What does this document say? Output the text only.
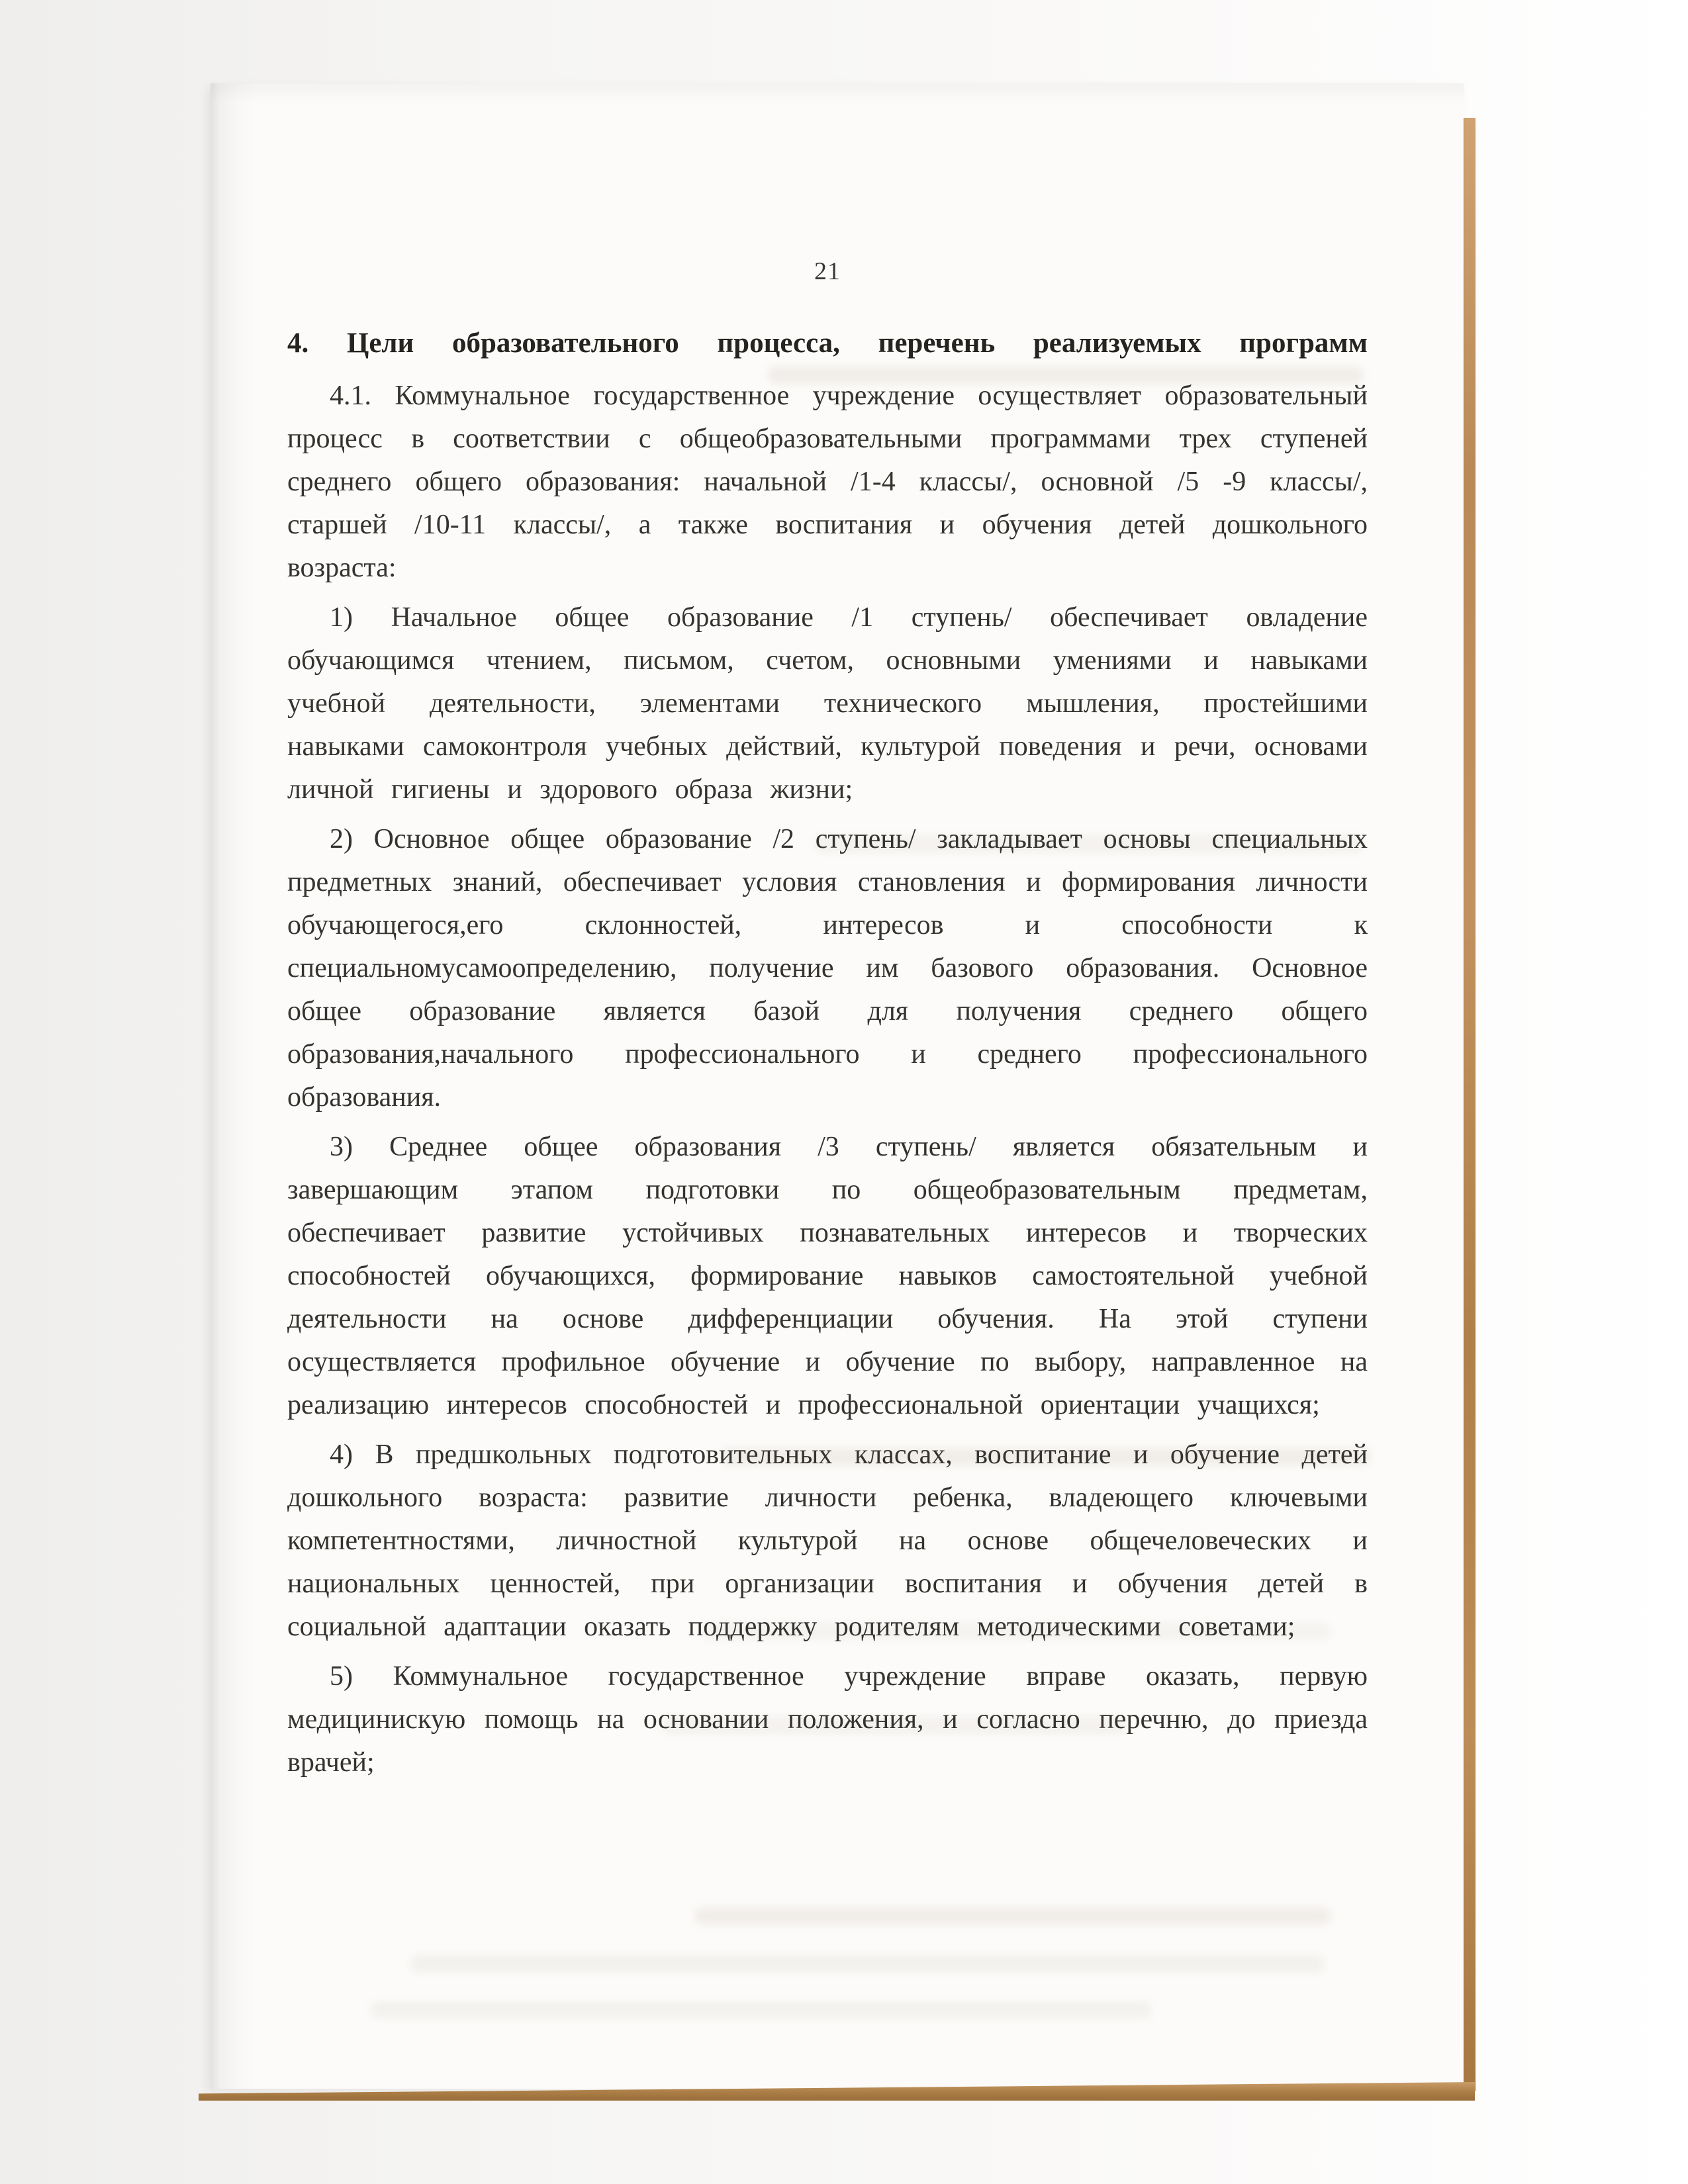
21

4. Цели образовательного процесса, перечень реализуемых программ

4.1. Коммунальное государственное учреждение осуществляет образовательный процесс в соответствии с общеобразовательными программами трех ступеней среднего общего образования: начальной /1-4 классы/, основной /5 -9 классы/, старшей /10-11 классы/, а также воспитания и обучения детей дошкольного возраста:

1) Начальное общее образование /1 ступень/ обеспечивает овладение обучающимся чтением, письмом, счетом, основными умениями и навыками учебной деятельности, элементами технического мышления, простейшими навыками самоконтроля учебных действий, культурой поведения и речи, основами личной гигиены и здорового образа жизни;

2) Основное общее образование /2 ступень/ закладывает основы специальных предметных знаний, обеспечивает условия становления и формирования личности обучающегося,его склонностей, интересов и способности к специальномусамоопределению, получение им базового образования. Основное общее образование является базой для получения среднего общего образования,начального профессионального и среднего профессионального образования.

3) Среднее общее образования /3 ступень/ является обязательным и завершающим этапом подготовки по общеобразовательным предметам, обеспечивает развитие устойчивых познавательных интересов и творческих способностей обучающихся, формирование навыков самостоятельной учебной деятельности на основе дифференциации обучения. На этой ступени осуществляется профильное обучение и обучение по выбору, направленное на реализацию интересов способностей и профессиональной ориентации учащихся;

4) В предшкольных подготовительных классах, воспитание и обучение детей дошкольного возраста: развитие личности ребенка, владеющего ключевыми компетентностями, личностной культурой на основе общечеловеческих и национальных ценностей, при организации воспитания и обучения детей в социальной адаптации оказать поддержку родителям методическими советами;

5) Коммунальное государственное учреждение вправе оказать, первую медицинискую помощь на основании положения, и согласно перечню, до приезда врачей;
